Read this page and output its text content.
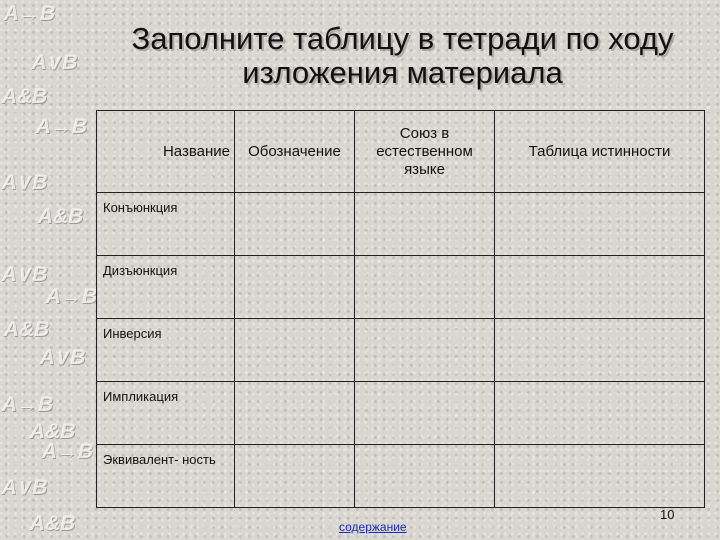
A→B
A∨B
A&B
A→B
A∨B
A&B
A∨B
A→B
A&B
A∨B
A→B
A&B
A→B
A∨B
A&B
Заполните таблицу в тетради по ходу
изложения материала
Название	Обозначение	Союз в естественном языке	Таблица истинности
Конъюнкция			
Дизъюнкция			
Инверсия			
Импликация			
Эквивалент- ность			
содержание
10
